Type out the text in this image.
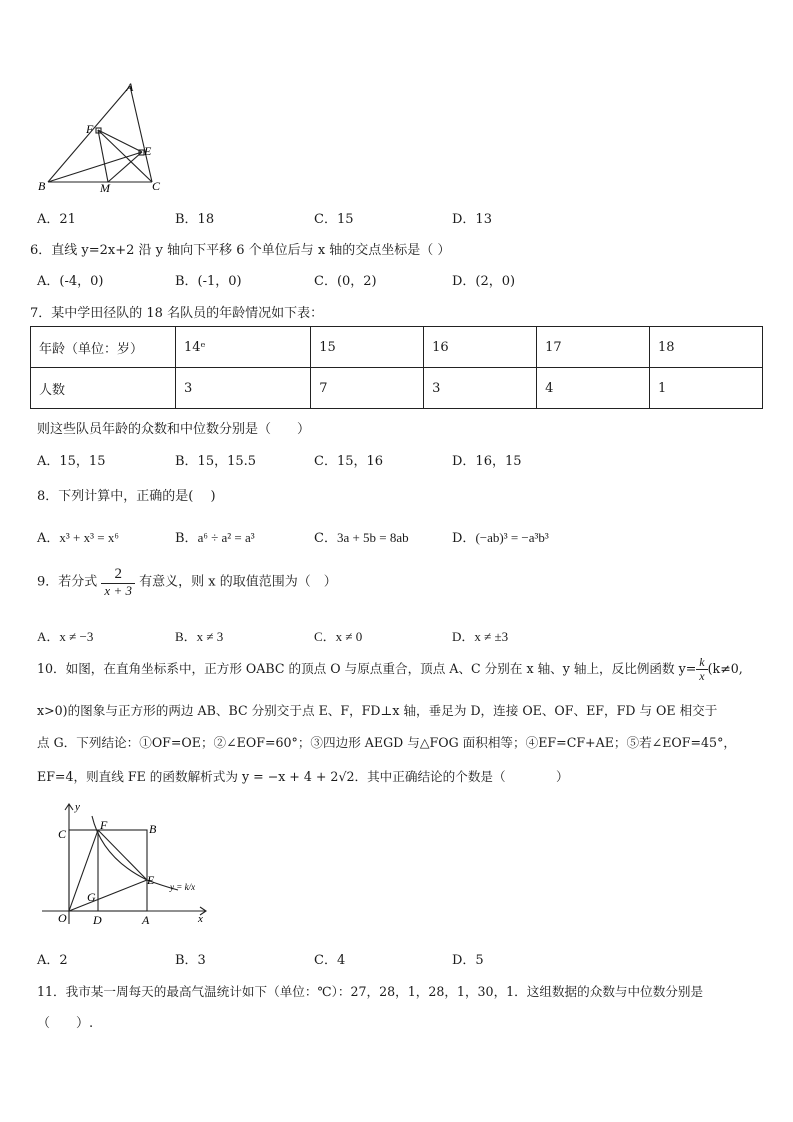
A
F
E
B	M	C
A．21	B．18	C．15	D．13
6．直线 y=2x+2 沿 y 轴向下平移 6 个单位后与 x 轴的交点坐标是（ ）
A．(-4，0)	B．(-1，0)	C．(0，2)	D．(2，0)
7．某中学田径队的 18 名队员的年龄情况如下表：
年龄（单位：岁）	14ᵉ	15	16	17	18
人数	3	7	3	4	1
则这些队员年龄的众数和中位数分别是（　　）
A．15，15	B．15，15.5	C．15，16	D．16，15
8．下列计算中，正确的是(　 )
A．x³ + x³ = x⁶	B．a⁶ ÷ a² = a³	C．3a + 5b = 8ab	D．(−ab)³ = −a³b³
9．若分式 $\frac{2}{x + 3}$ 有意义，则 x 的取值范围为（　）
A．x ≠ −3	B．x ≠ 3	C．x ≠ 0	D．x ≠ ±3
10．如图，在直角坐标系中，正方形 OABC 的顶点 O 与原点重合，顶点 A、C 分别在 x 轴、y 轴上，反比例函数 $y= \frac{k}{x} (k\ne 0$,
x>0)的图象与正方形的两边 AB、BC 分别交于点 E、F，FD⊥x 轴，垂足为 D，连接 OE、OF、EF，FD 与 OE 相交于
点 G．下列结论：①OF=OE；②∠EOF=60°；③四边形 AEGD 与△FOG 面积相等；④EF=CF+AE；⑤若∠EOF=45°，
EF=4，则直线 FE 的函数解析式为 y = −x + 4 + 2√2．其中正确结论的个数是（　　　　）
y
x
C
F	B
E
G
O D	A
y = k/x
A．2	B．3	C．4	D．5
11．我市某一周每天的最高气温统计如下（单位：℃）：27，28，1，28，1，30，1．这组数据的众数与中位数分别是
（　　）.
